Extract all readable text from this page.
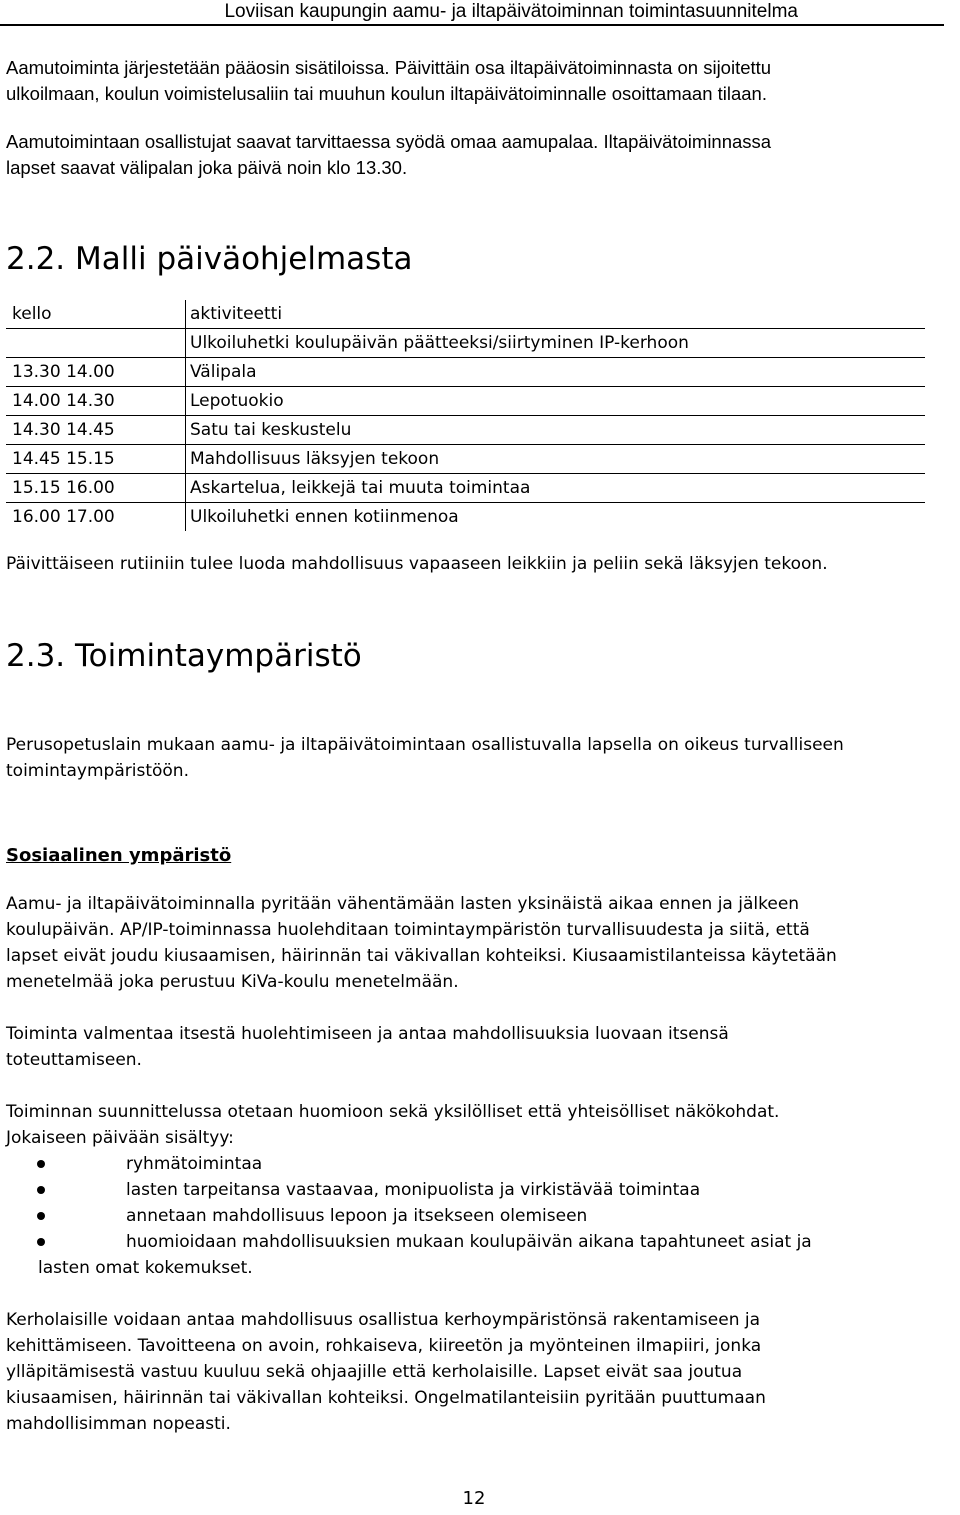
Loviisan kaupungin aamu- ja iltapäivätoiminnan toimintasuunnitelma
Aamutoiminta järjestetään pääosin sisätiloissa. Päivittäin osa iltapäivätoiminnasta on sijoitettu
ulkoilmaan, koulun voimistelusaliin tai muuhun koulun iltapäivätoiminnalle osoittamaan tilaan.
Aamutoimintaan osallistujat saavat tarvittaessa syödä omaa aamupalaa. Iltapäivätoiminnassa
lapset saavat välipalan joka päivä noin klo 13.30.
2.2. Malli päiväohjelmasta
kello	aktiviteetti
	Ulkoiluhetki koulupäivän päätteeksi/siirtyminen IP-kerhoon
13.30 14.00	Välipala
14.00 14.30	Lepotuokio
14.30 14.45	Satu tai keskustelu
14.45 15.15	Mahdollisuus läksyjen tekoon
15.15 16.00	Askartelua, leikkejä tai muuta toimintaa
16.00 17.00	Ulkoiluhetki ennen kotiinmenoa
Päivittäiseen rutiiniin tulee luoda mahdollisuus vapaaseen leikkiin ja peliin sekä läksyjen tekoon.
2.3. Toimintaympäristö
Perusopetuslain mukaan aamu- ja iltapäivätoimintaan osallistuvalla lapsella on oikeus turvalliseen
toimintaympäristöön.
Sosiaalinen ympäristö
Aamu- ja iltapäivätoiminnalla pyritään vähentämään lasten yksinäistä aikaa ennen ja jälkeen
koulupäivän. AP/IP-toiminnassa huolehditaan toimintaympäristön turvallisuudesta ja siitä, että
lapset eivät joudu kiusaamisen, häirinnän tai väkivallan kohteiksi. Kiusaamistilanteissa käytetään
menetelmää joka perustuu KiVa-koulu menetelmään.
Toiminta valmentaa itsestä huolehtimiseen ja antaa mahdollisuuksia luovaan itsensä
toteuttamiseen.
Toiminnan suunnittelussa otetaan huomioon sekä yksilölliset että yhteisölliset näkökohdat.
Jokaiseen päivään sisältyy:
ryhmätoimintaa
lasten tarpeitansa vastaavaa, monipuolista ja virkistävää toimintaa
annetaan mahdollisuus lepoon ja itsekseen olemiseen
huomioidaan mahdollisuuksien mukaan koulupäivän aikana tapahtuneet asiat ja
lasten omat kokemukset.
Kerholaisille voidaan antaa mahdollisuus osallistua kerhoympäristönsä rakentamiseen ja
kehittämiseen. Tavoitteena on avoin, rohkaiseva, kiireetön ja myönteinen ilmapiiri, jonka
ylläpitämisestä vastuu kuuluu sekä ohjaajille että kerholaisille. Lapset eivät saa joutua
kiusaamisen, häirinnän tai väkivallan kohteiksi. Ongelmatilanteisiin pyritään puuttumaan
mahdollisimman nopeasti.
12
